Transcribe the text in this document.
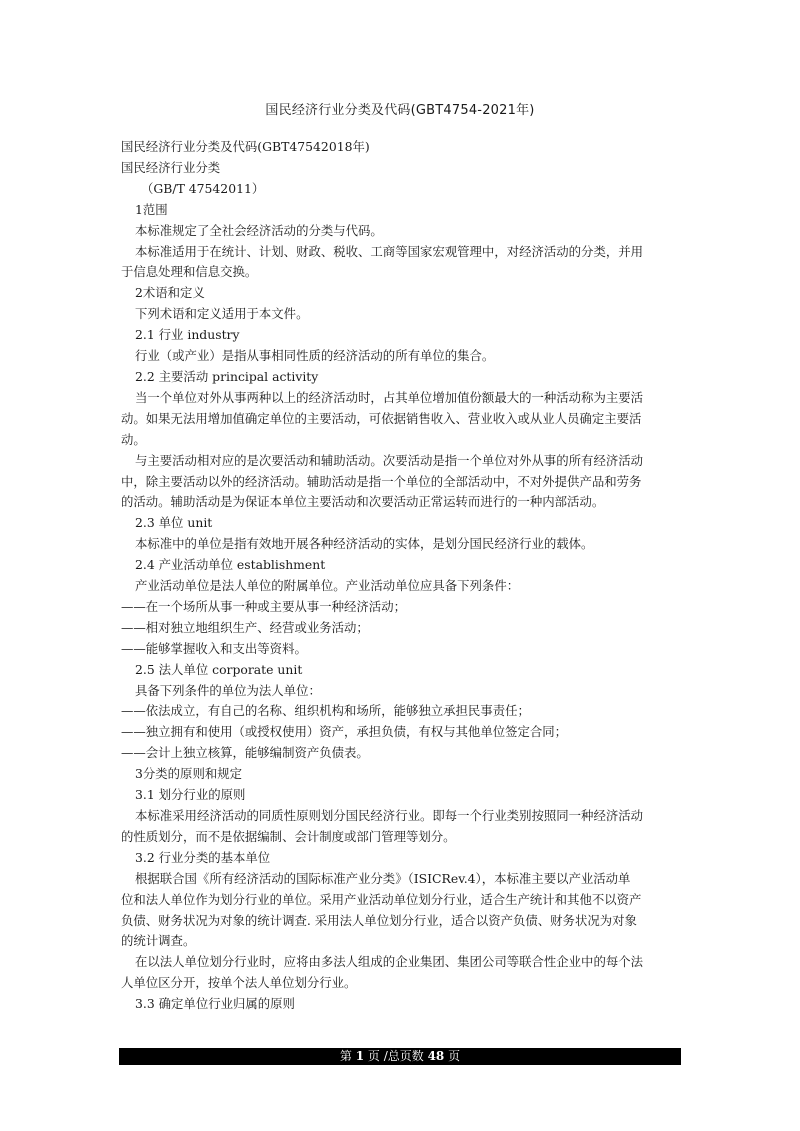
国民经济行业分类及代码(GBT4754-2021年)

国民经济行业分类及代码(GBT47542018年)

国民经济行业分类

（GB/T 47542011）

1范围

本标准规定了全社会经济活动的分类与代码。

本标准适用于在统计、计划、财政、税收、工商等国家宏观管理中，对经济活动的分类，并用

于信息处理和信息交换。

2术语和定义

下列术语和定义适用于本文件。

2.1 行业 industry

行业（或产业）是指从事相同性质的经济活动的所有单位的集合。

2.2 主要活动 principal activity

当一个单位对外从事两种以上的经济活动时，占其单位增加值份额最大的一种活动称为主要活

动。如果无法用增加值确定单位的主要活动，可依据销售收入、营业收入或从业人员确定主要活

动。

与主要活动相对应的是次要活动和辅助活动。次要活动是指一个单位对外从事的所有经济活动

中，除主要活动以外的经济活动。辅助活动是指一个单位的全部活动中，不对外提供产品和劳务

的活动。辅助活动是为保证本单位主要活动和次要活动正常运转而进行的一种内部活动。

2.3 单位 unit

本标准中的单位是指有效地开展各种经济活动的实体，是划分国民经济行业的载体。

2.4 产业活动单位 establishment

产业活动单位是法人单位的附属单位。产业活动单位应具备下列条件：

——在一个场所从事一种或主要从事一种经济活动；

——相对独立地组织生产、经营或业务活动；

——能够掌握收入和支出等资料。

2.5 法人单位 corporate unit

具备下列条件的单位为法人单位：

——依法成立，有自己的名称、组织机构和场所，能够独立承担民事责任；

——独立拥有和使用（或授权使用）资产，承担负债，有权与其他单位签定合同；

——会计上独立核算，能够编制资产负债表。

3分类的原则和规定

3.1 划分行业的原则

本标准采用经济活动的同质性原则划分国民经济行业。即每一个行业类别按照同一种经济活动

的性质划分，而不是依据编制、会计制度或部门管理等划分。

3.2 行业分类的基本单位

根据联合国《所有经济活动的国际标准产业分类》（ISICRev.4），本标准主要以产业活动单

位和法人单位作为划分行业的单位。采用产业活动单位划分行业，适合生产统计和其他不以资产

负债、财务状况为对象的统计调查. 采用法人单位划分行业，适合以资产负债、财务状况为对象

的统计调查。

在以法人单位划分行业时，应将由多法人组成的企业集团、集团公司等联合性企业中的每个法

人单位区分开，按单个法人单位划分行业。

3.3 确定单位行业归属的原则

第 1 页 /总页数 48 页
